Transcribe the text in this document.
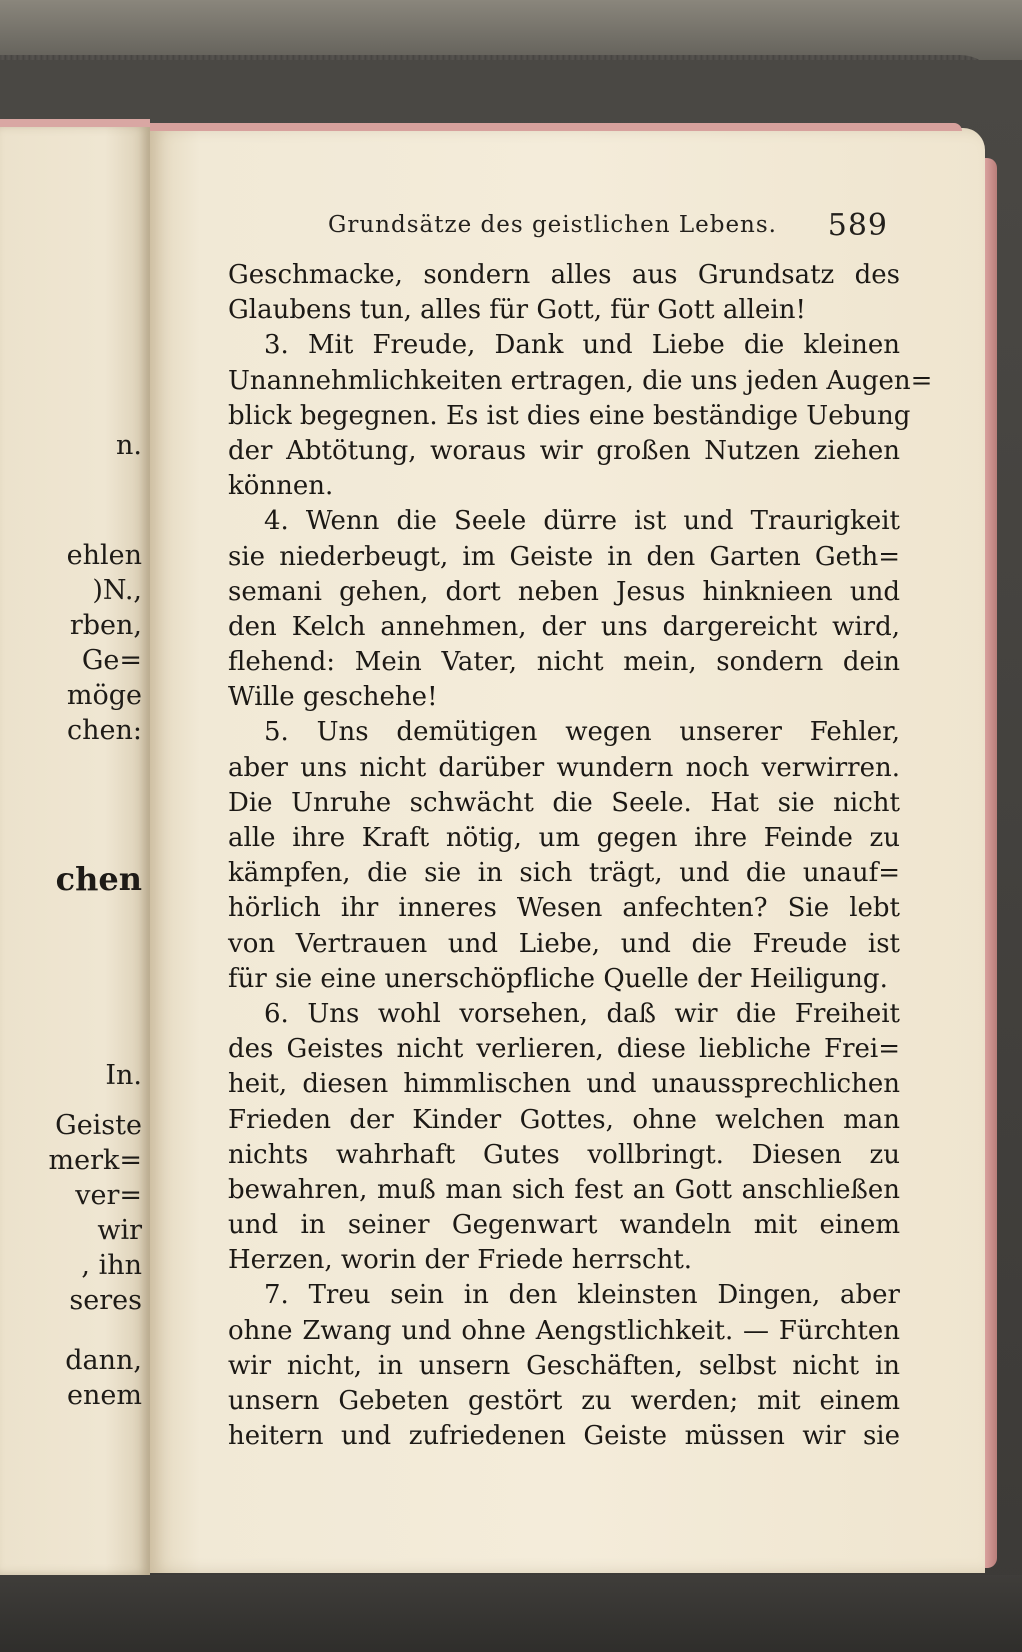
n.
ehlen
)N.,
rben,
Ge=
möge
chen:
chen
In.
Geiste
merk=
ver=
wir
, ihn
seres
dann,
enem
Grundsätze des geistlichen Lebens. 589
Geschmacke, sondern alles aus Grundsatz des
Glaubens tun, alles für Gott, für Gott allein!
3. Mit Freude, Dank und Liebe die kleinen
Unannehmlichkeiten ertragen, die uns jeden Augen=
blick begegnen. Es ist dies eine beständige Uebung
der Abtötung, woraus wir großen Nutzen ziehen
können.
4. Wenn die Seele dürre ist und Traurigkeit
sie niederbeugt, im Geiste in den Garten Geth=
semani gehen, dort neben Jesus hinknieen und
den Kelch annehmen, der uns dargereicht wird,
flehend: Mein Vater, nicht mein, sondern dein
Wille geschehe!
5. Uns demütigen wegen unserer Fehler,
aber uns nicht darüber wundern noch verwirren.
Die Unruhe schwächt die Seele. Hat sie nicht
alle ihre Kraft nötig, um gegen ihre Feinde zu
kämpfen, die sie in sich trägt, und die unauf=
hörlich ihr inneres Wesen anfechten? Sie lebt
von Vertrauen und Liebe, und die Freude ist
für sie eine unerschöpfliche Quelle der Heiligung.
6. Uns wohl vorsehen, daß wir die Freiheit
des Geistes nicht verlieren, diese liebliche Frei=
heit, diesen himmlischen und unaussprechlichen
Frieden der Kinder Gottes, ohne welchen man
nichts wahrhaft Gutes vollbringt. Diesen zu
bewahren, muß man sich fest an Gott anschließen
und in seiner Gegenwart wandeln mit einem
Herzen, worin der Friede herrscht.
7. Treu sein in den kleinsten Dingen, aber
ohne Zwang und ohne Aengstlichkeit. — Fürchten
wir nicht, in unsern Geschäften, selbst nicht in
unsern Gebeten gestört zu werden; mit einem
heitern und zufriedenen Geiste müssen wir sie
